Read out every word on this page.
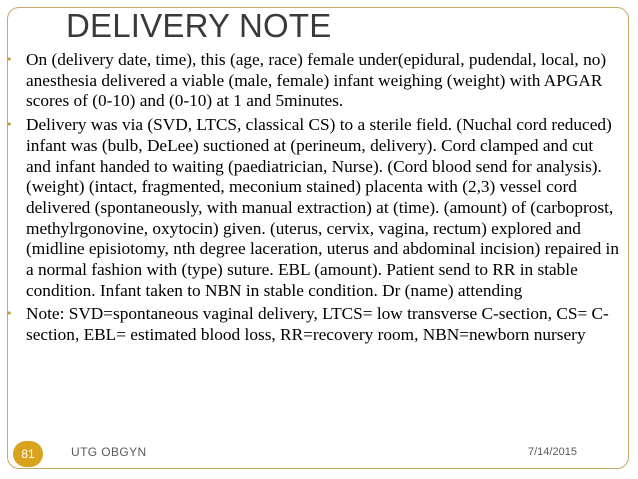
DELIVERY NOTE
• On (delivery date, time), this (age, race) female under(epidural, pudendal, local, no) anesthesia delivered a viable (male, female) infant weighing (weight) with APGAR scores of (0-10) and (0-10) at 1 and 5minutes.
• Delivery was via (SVD, LTCS, classical CS) to a sterile field. (Nuchal cord reduced) infant was (bulb, DeLee) suctioned at (perineum, delivery). Cord clamped and cut and infant handed to waiting (paediatrician, Nurse). (Cord blood send for analysis). (weight) (intact, fragmented, meconium stained) placenta with (2,3) vessel cord delivered (spontaneously, with manual extraction) at (time). (amount) of (carboprost, methylrgonovine, oxytocin) given. (uterus, cervix, vagina, rectum) explored and (midline episiotomy, nth degree laceration, uterus and abdominal incision) repaired in a normal fashion with (type) suture. EBL (amount). Patient send to RR in stable condition. Infant taken to NBN in stable condition. Dr (name) attending
• Note: SVD=spontaneous vaginal delivery, LTCS= low transverse C-section, CS= C-section, EBL= estimated blood loss, RR=recovery room, NBN=newborn nursery
81	UTG OBGYN	7/14/2015
